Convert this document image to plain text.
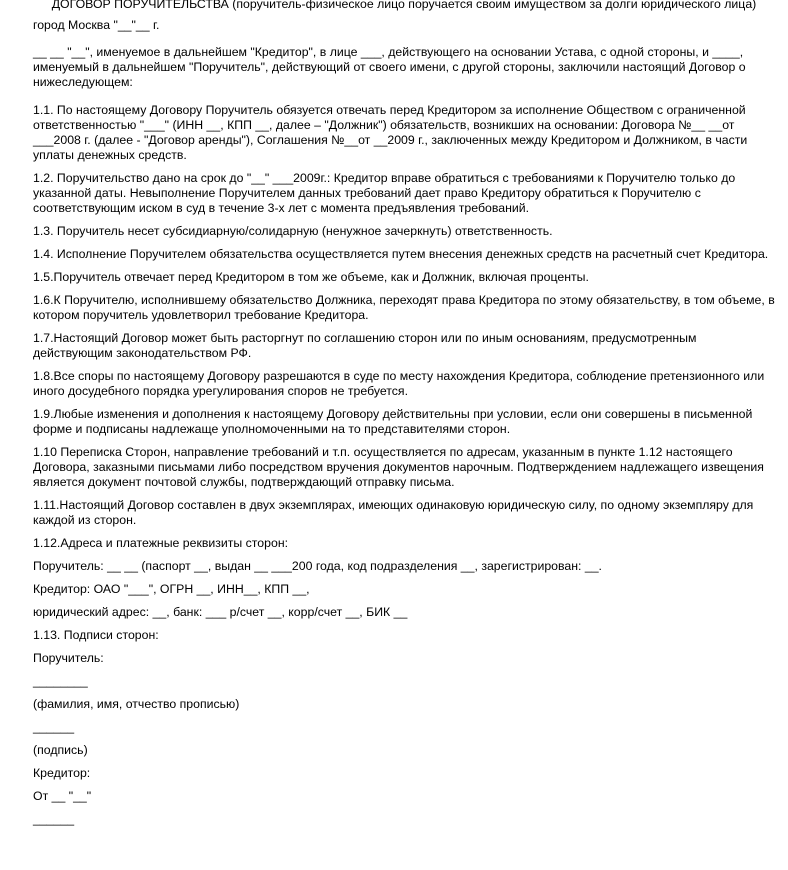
ДОГОВОР ПОРУЧИТЕЛЬСТВА (поручитель-физическое лицо поручается своим имуществом за долги юридического лица)
город Москва "__"__ г.
__ __ "__", именуемое в дальнейшем "Кредитор", в лице ___, действующего на основании Устава, с одной стороны, и ____, именуемый в дальнейшем "Поручитель", действующий от своего имени, с другой стороны, заключили настоящий Договор о нижеследующем:
1.1. По настоящему Договору Поручитель обязуется отвечать перед Кредитором за исполнение Обществом с ограниченной ответственностью "___" (ИНН __, КПП __, далее – "Должник") обязательств, возникших на основании: Договора №__ __от ___2008 г. (далее - "Договор аренды"), Соглашения №__от __2009 г., заключенных между Кредитором и Должником, в части уплаты денежных средств.
1.2. Поручительство дано на срок до "__" ___2009г.: Кредитор вправе обратиться с требованиями к Поручителю только до указанной даты. Невыполнение Поручителем данных требований дает право Кредитору обратиться к Поручителю с соответствующим иском в суд в течение 3-х лет с момента предъявления требований.
1.3. Поручитель несет субсидиарную/солидарную (ненужное зачеркнуть) ответственность.
1.4. Исполнение Поручителем обязательства осуществляется путем внесения денежных средств на расчетный счет Кредитора.
1.5.Поручитель отвечает перед Кредитором в том же объеме, как и Должник, включая проценты.
1.6.К Поручителю, исполнившему обязательство Должника, переходят права Кредитора по этому обязательству, в том объеме, в котором поручитель удовлетворил требование Кредитора.
1.7.Настоящий Договор может быть расторгнут по соглашению сторон или по иным основаниям, предусмотренным действующим законодательством РФ.
1.8.Все споры по настоящему Договору разрешаются в суде по месту нахождения Кредитора, соблюдение претензионного или иного досудебного порядка урегулирования споров не требуется.
1.9.Любые изменения и дополнения к настоящему Договору действительны при условии, если они совершены в письменной форме и подписаны надлежаще уполномоченными на то представителями сторон.
1.10 Переписка Сторон, направление требований и т.п. осуществляется по адресам, указанным в пункте 1.12 настоящего Договора, заказными письмами либо посредством вручения документов нарочным. Подтверждением надлежащего извещения является документ почтовой службы, подтверждающий отправку письма.
1.11.Настоящий Договор составлен в двух экземплярах, имеющих одинаковую юридическую силу, по одному экземпляру для каждой из сторон.
1.12.Адреса и платежные реквизиты сторон:
Поручитель: __ __ (паспорт __, выдан __ ___200 года, код подразделения __, зарегистрирован: __.
Кредитор: ОАО "___", ОГРН __, ИНН__, КПП __,
юридический адрес: __, банк: ___ р/счет __, корр/счет __, БИК __
1.13. Подписи сторон:
Поручитель:
________
(фамилия, имя, отчество прописью)
______
(подпись)
Кредитор:
От __ "__"
______
